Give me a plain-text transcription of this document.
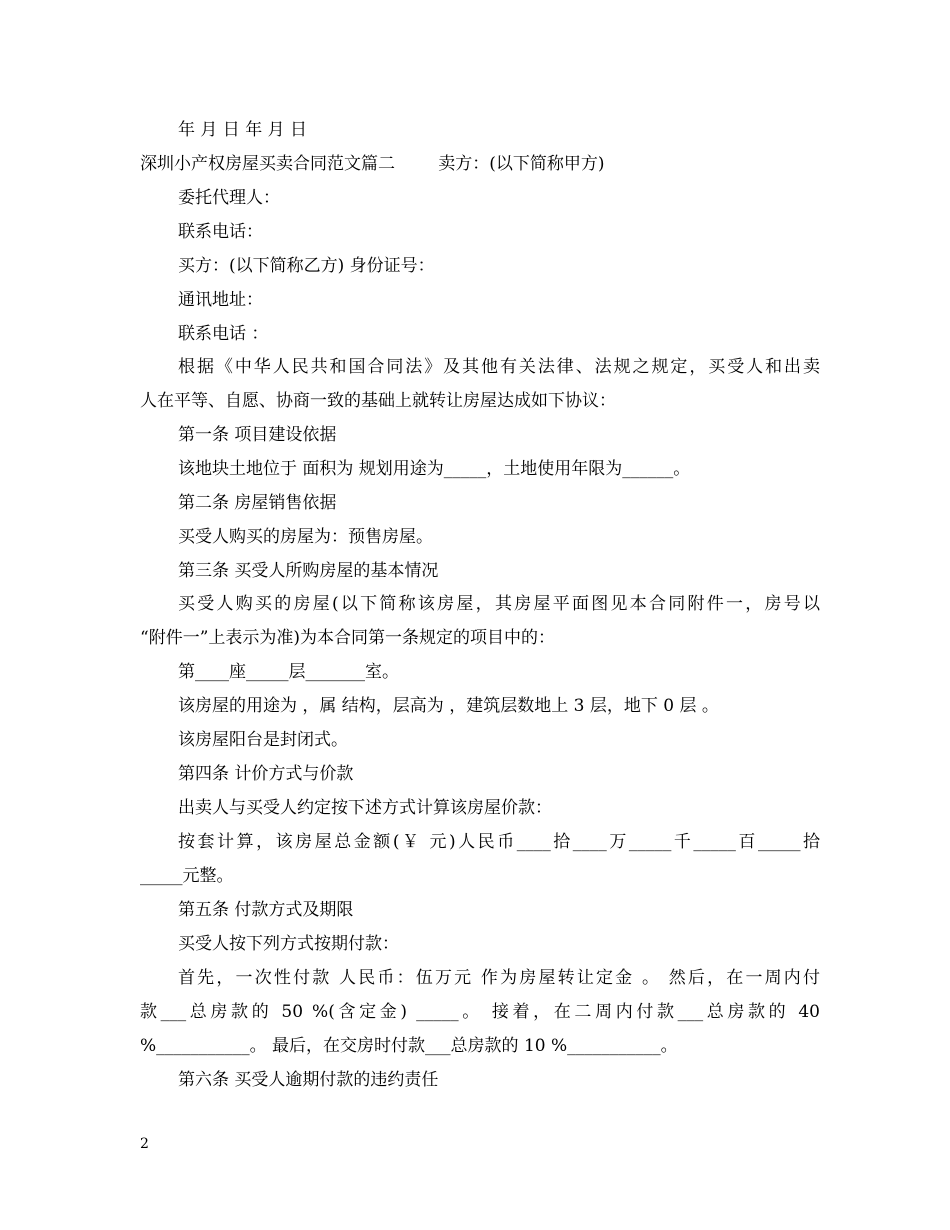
年 月 日 年 月 日
深圳小产权房屋买卖合同范文篇二        卖方：(以下简称甲方)
委托代理人：
联系电话：
买方：(以下简称乙方) 身份证号：
通讯地址：
联系电话 ：
根据《中华人民共和国合同法》及其他有关法律、法规之规定，买受人和出卖
人在平等、自愿、协商一致的基础上就转让房屋达成如下协议：
第一条 项目建设依据
该地块土地位于 面积为 规划用途为_____，土地使用年限为______。
第二条 房屋销售依据
买受人购买的房屋为：预售房屋。
第三条 买受人所购房屋的基本情况
买受人购买的房屋(以下简称该房屋，其房屋平面图见本合同附件一，房号以
“附件一”上表示为准)为本合同第一条规定的项目中的：
第____座_____层_______室。
该房屋的用途为 ，属 结构，层高为 ，建筑层数地上 3 层，地下 0 层 。
该房屋阳台是封闭式。
第四条 计价方式与价款
出卖人与买受人约定按下述方式计算该房屋价款：
按套计算，该房屋总金额(￥ 元)人民币____拾____万_____千_____百_____拾
_____元整。
第五条 付款方式及期限
买受人按下列方式按期付款：
首先，一次性付款 人民币：伍万元 作为房屋转让定金 。 然后，在一周内付
款___总房款的 50 %(含定金) _____。 接着，在二周内付款___总房款的 40
%___________。 最后，在交房时付款___总房款的 10 %___________。
第六条 买受人逾期付款的违约责任
2
